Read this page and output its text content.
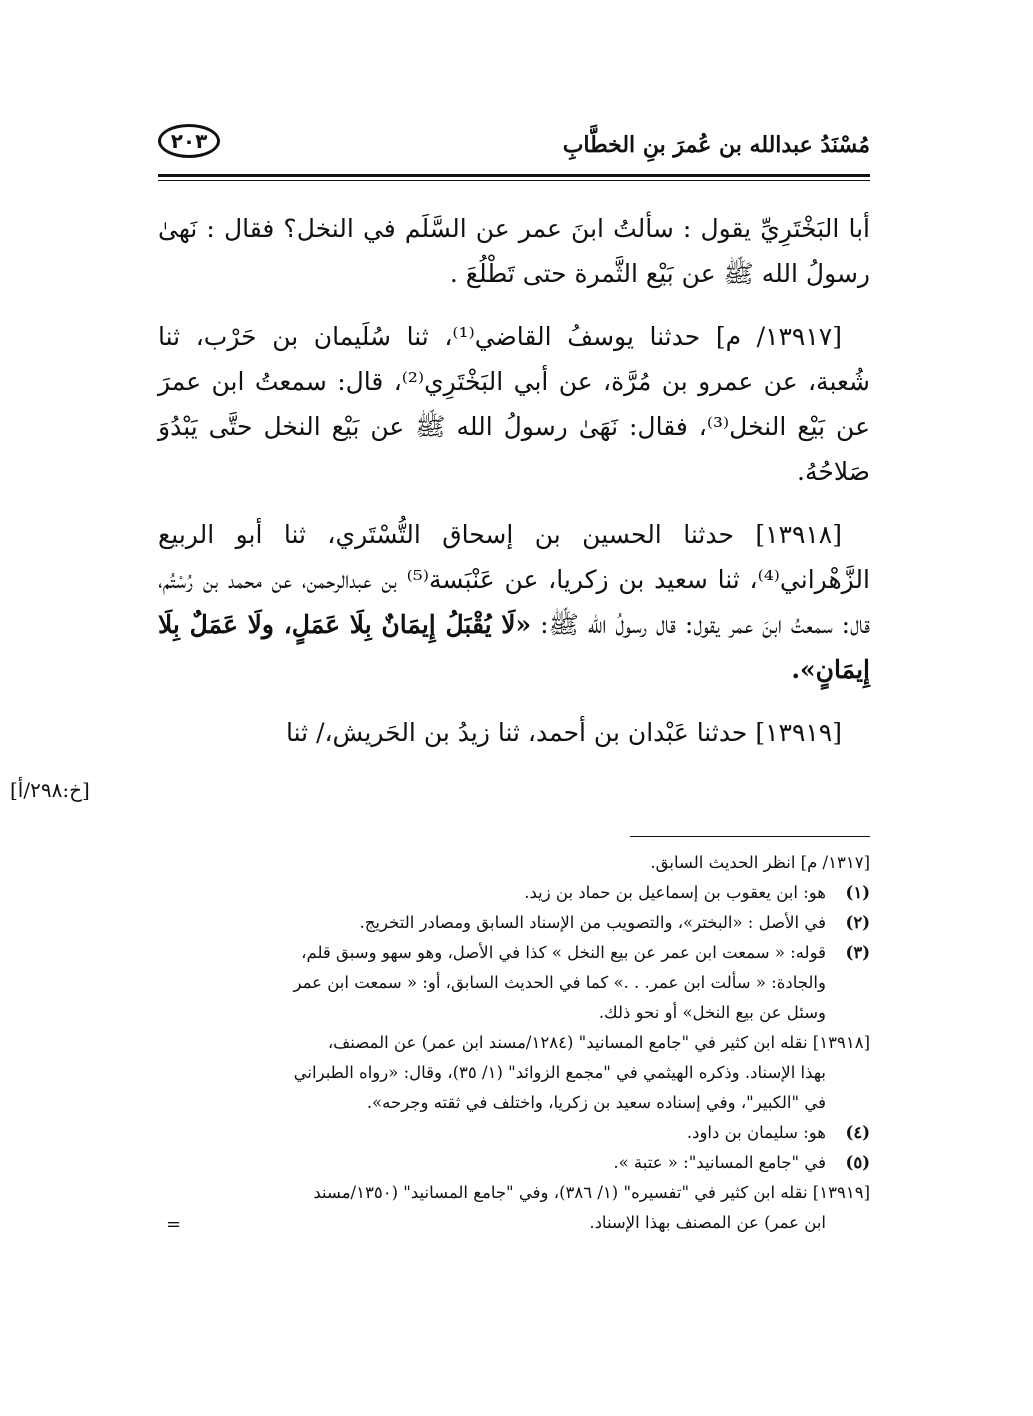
مُسْنَدُ عبدالله بن عُمرَ بنِ الخطَّابِ
٢٠٣

أبا البَخْتَرِيِّ يقول : سألتُ ابنَ عمر عن السَّلَم في النخل؟ فقال : نَهىٰ رسولُ الله ﷺ عن بَيْع الثَّمرة حتى تَطْلُعَ .

[١٣٩١٧/ م] حدثنا يوسفُ القاضي⁽¹⁾، ثنا سُلَيمان بن حَرْب، ثنا شُعبة، عن عمرو بن مُرَّة، عن أبي البَخْتَرِي⁽²⁾، قال: سمعتُ ابن عمرَ عن بَيْع النخل⁽³⁾، فقال: نَهَىٰ رسولُ الله ﷺ عن بَيْع النخل حتَّى يَبْدُوَ صَلاحُهُ.

[١٣٩١٨] حدثنا الحسين بن إسحاق التُّسْتَري، ثنا أبو الربيع الزَّهْراني⁽⁴⁾، ثنا سعيد بن زكريا، عن عَنْبَسة⁽⁵⁾ بن عبدالرحمن، عن محمد بن رُسْتُم، قال: سمعتُ ابنَ عمر يقول: قال رسولُ الله ﷺ: «لَا يُقْبَلُ إِيمَانٌ بِلَا عَمَلٍ، ولَا عَمَلٌ بِلَا إِيمَانٍ».

[١٣٩١٩] حدثنا عَبْدان بن أحمد، ثنا زيدُ بن الحَريش،/ ثنا

[خ:٢٩٨/أ]

[١٣١٧/ م] انظر الحديث السابق.

(١)هو: ابن يعقوب بن إسماعيل بن حماد بن زيد.

(٢)في الأصل : «البختر»، والتصويب من الإسناد السابق ومصادر التخريج.

(٣)قوله: « سمعت ابن عمر عن بيع النخل » كذا في الأصل، وهو سهو وسبق قلم،
والجادة: « سألت ابن عمر. . .» كما في الحديث السابق، أو: « سمعت ابن عمر
وسئل عن بيع النخل» أو نحو ذلك.
[١٣٩١٨] نقله ابن كثير في "جامع المسانيد" (١٢٨٤/مسند ابن عمر) عن المصنف،
بهذا الإسناد. وذكره الهيثمي في "مجمع الزوائد" (١/ ٣٥)، وقال: «رواه الطبراني
في "الكبير"، وفي إسناده سعيد بن زكريا، واختلف في ثقته وجرحه».

(٤)هو: سليمان بن داود.

(٥)في "جامع المسانيد": « عتبة ».

[١٣٩١٩] نقله ابن كثير في "تفسيره" (١/ ٣٨٦)، وفي "جامع المسانيد" (١٣٥٠/مسند
ابن عمر) عن المصنف بهذا الإسناد.
=
